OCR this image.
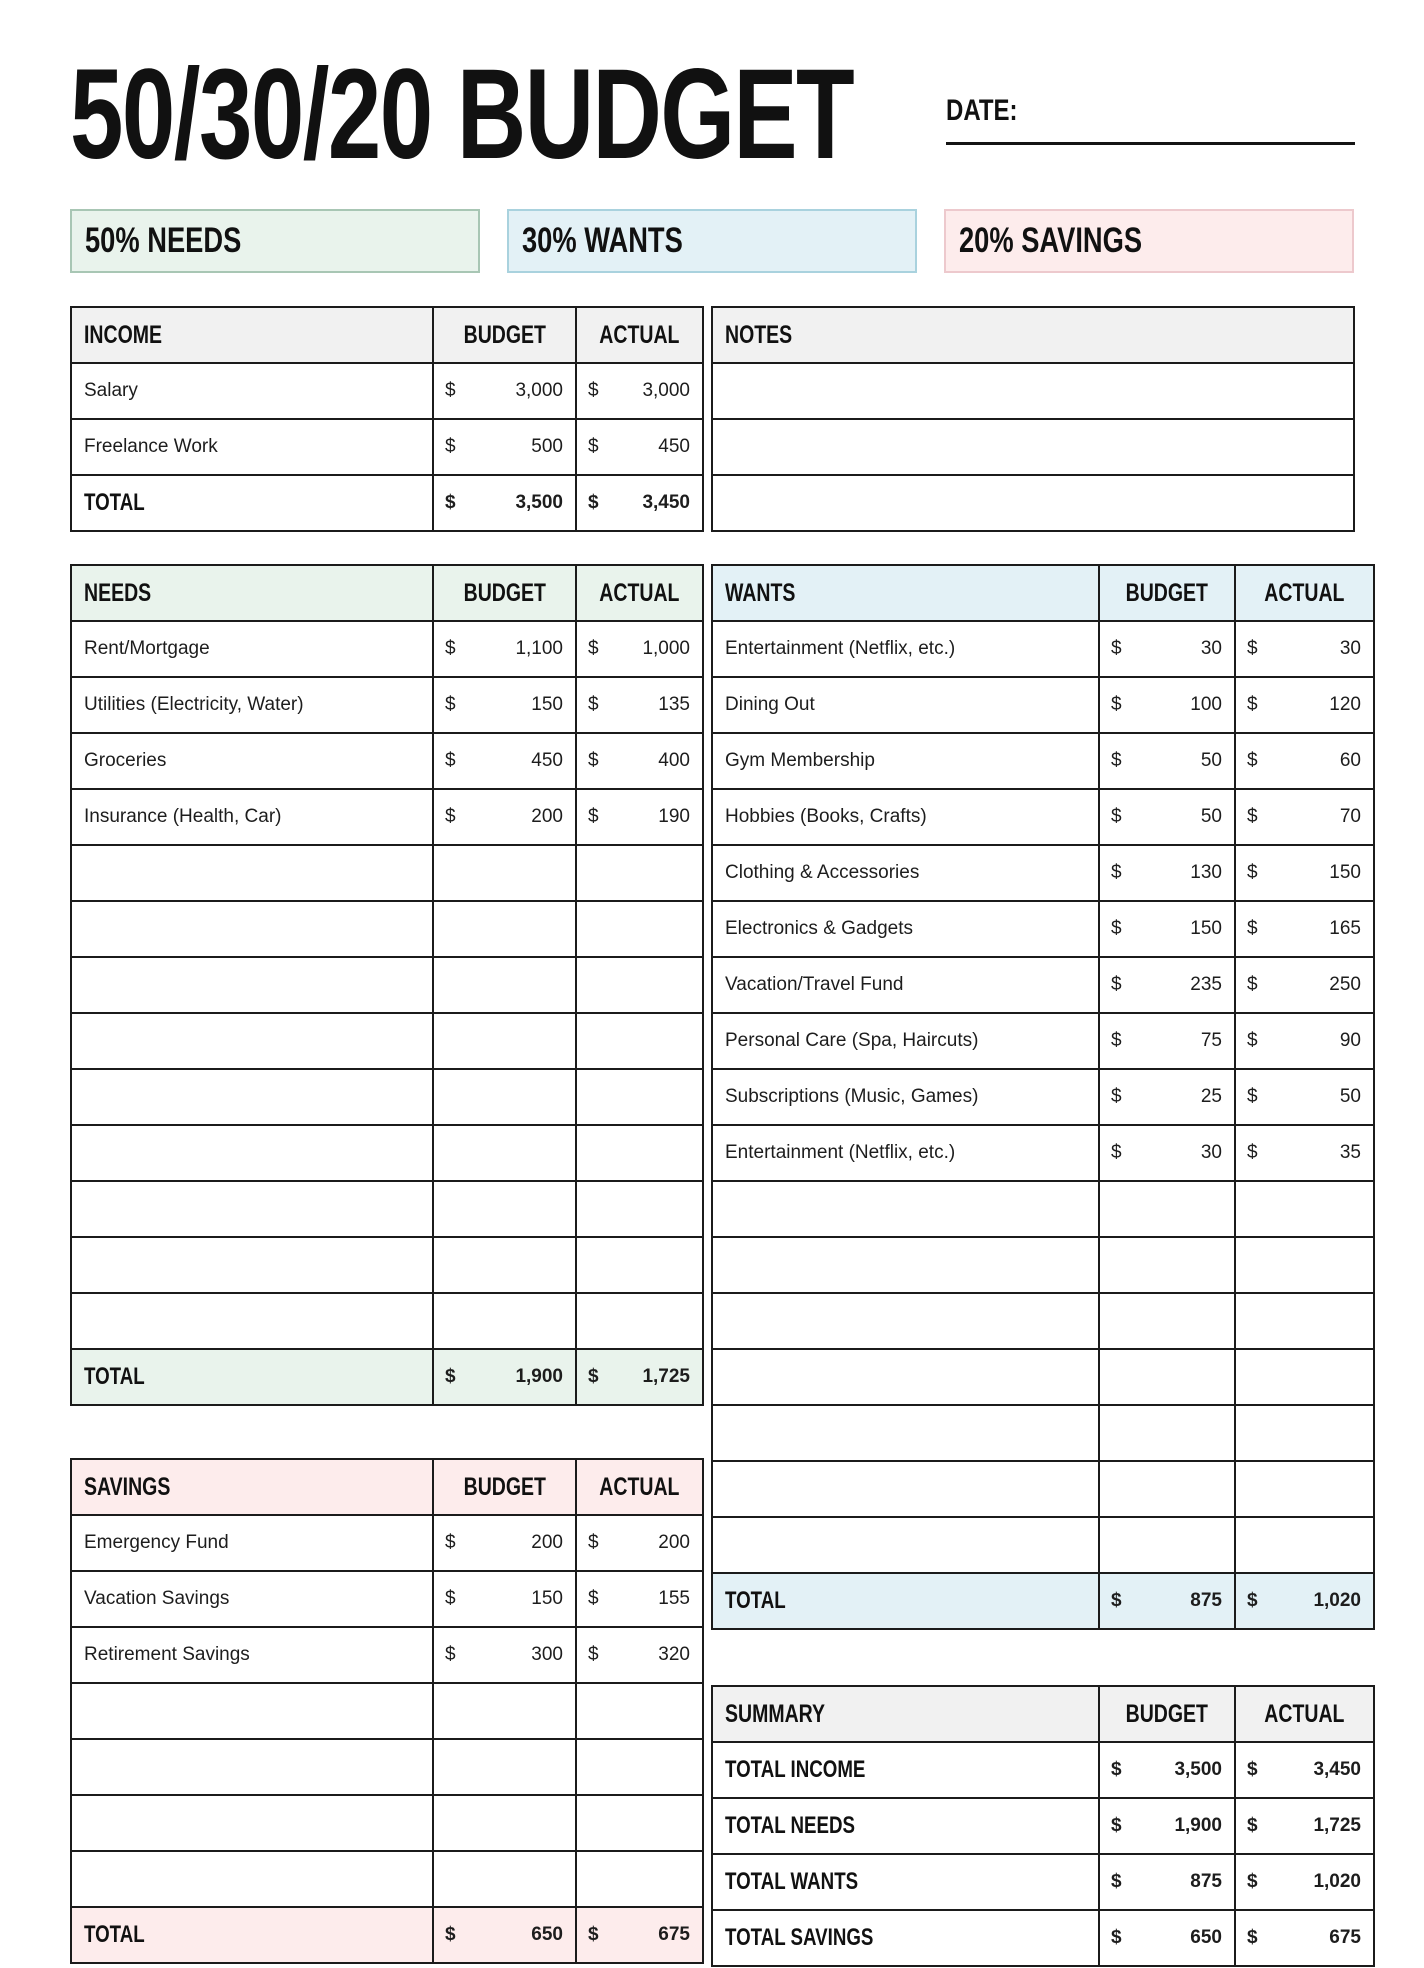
50/30/20 BUDGET	DATE:
50% NEEDS	30% WANTS	20% SAVINGS
INCOME	BUDGET	ACTUAL
Salary	$ 3,000	$ 3,000

Freelance Work	$ 500	$ 450

TOTAL	$ 3,500	$ 3,450
NEEDS	BUDGET	ACTUAL
Rent/Mortgage	$ 1,100	$ 1,000

Utilities (Electricity, Water)	$ 150	$ 135

Groceries	$ 450	$ 400

Insurance (Health, Car)	$ 200	$ 190

TOTAL	$ 1,900	$ 1,725
SAVINGS	BUDGET	ACTUAL
Emergency Fund	$ 200	$ 200

Vacation Savings	$ 150	$ 155

Retirement Savings	$ 300	$ 320

TOTAL	$ 650	$ 675
NOTES

WANTS	BUDGET	ACTUAL
Entertainment (Netflix, etc.)	$ 30	$ 30

Dining Out	$ 100	$ 120

Gym Membership	$ 50	$ 60

Hobbies (Books, Crafts)	$ 50	$ 70

Clothing & Accessories	$ 130	$ 150

Electronics & Gadgets	$ 150	$ 165

Vacation/Travel Fund	$ 235	$ 250

Personal Care (Spa, Haircuts)	$ 75	$ 90

Subscriptions (Music, Games)	$ 25	$ 50

Entertainment (Netflix, etc.)	$ 30	$ 35

TOTAL	$ 875	$ 1,020
SUMMARY	BUDGET	ACTUAL
TOTAL INCOME	$ 3,500	$ 3,450

TOTAL NEEDS	$ 1,900	$ 1,725

TOTAL WANTS	$ 875	$ 1,020

TOTAL SAVINGS	$ 650	$ 675
